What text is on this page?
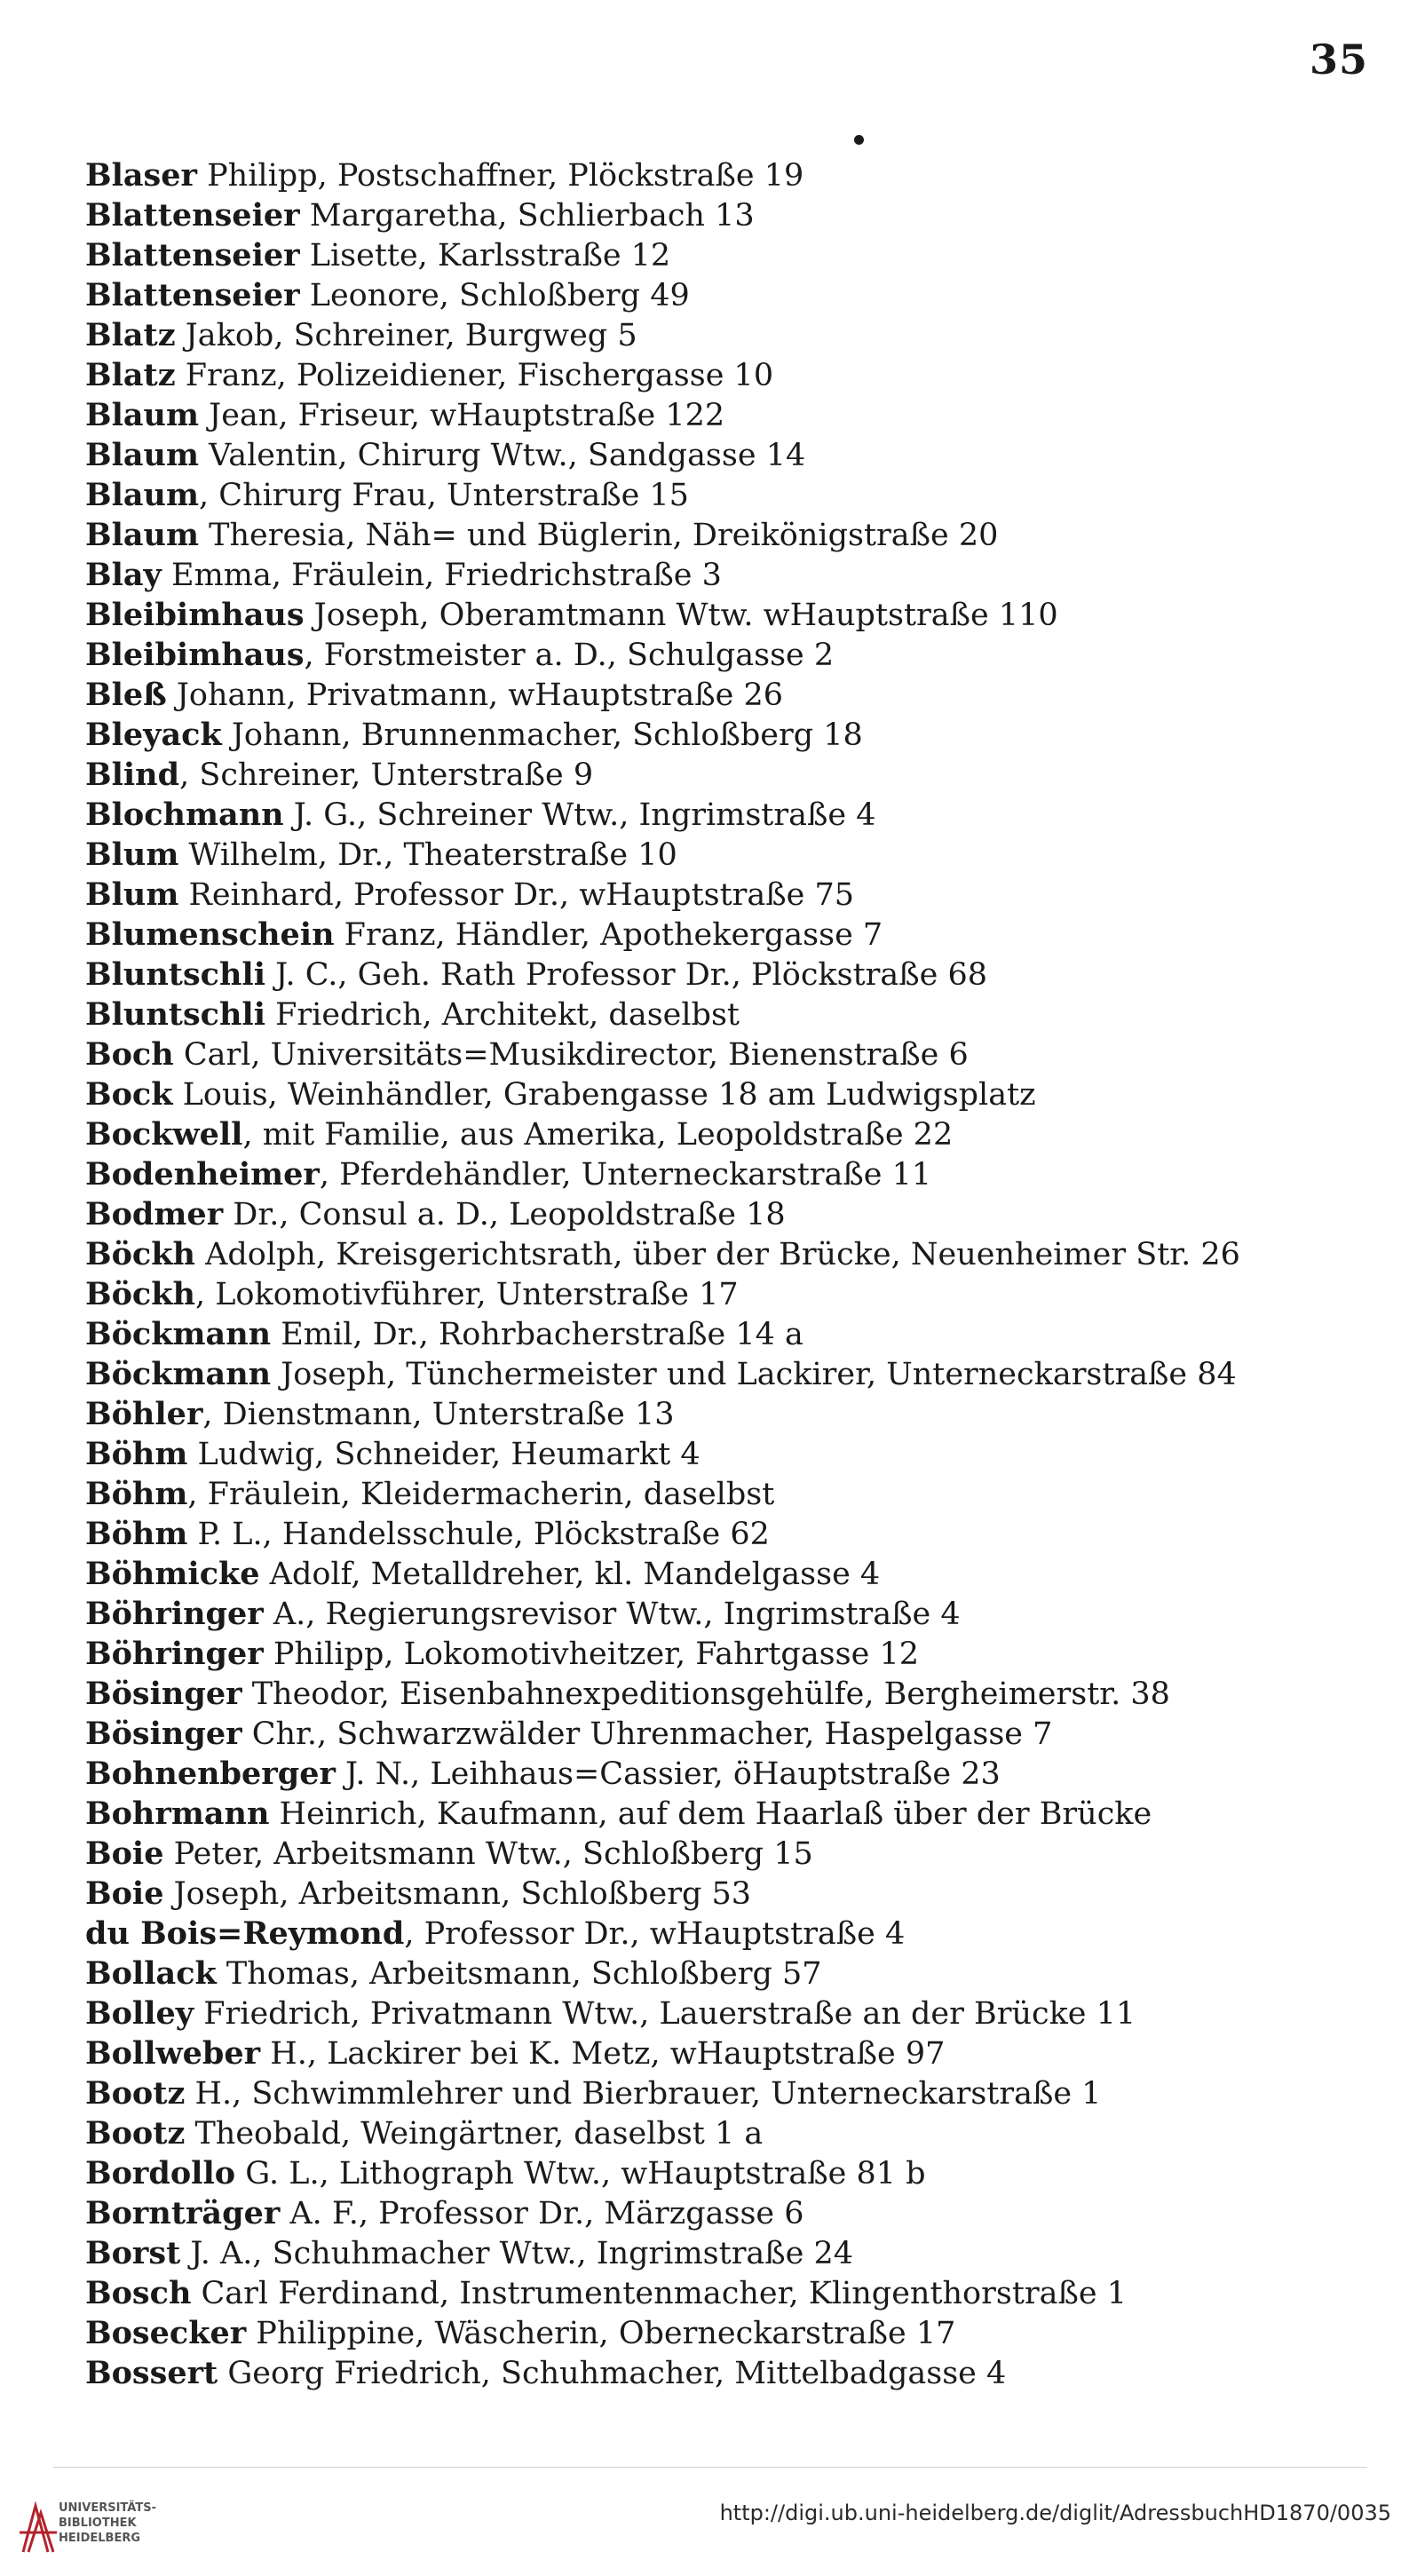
35
Blaser Philipp, Postschaffner, Plöckstraße 19
Blattenseier Margaretha, Schlierbach 13
Blattenseier Lisette, Karlsstraße 12
Blattenseier Leonore, Schloßberg 49
Blatz Jakob, Schreiner, Burgweg 5
Blatz Franz, Polizeidiener, Fischergasse 10
Blaum Jean, Friseur, wHauptstraße 122
Blaum Valentin, Chirurg Wtw., Sandgasse 14
Blaum, Chirurg Frau, Unterstraße 15
Blaum Theresia, Näh= und Büglerin, Dreikönigstraße 20
Blay Emma, Fräulein, Friedrichstraße 3
Bleibimhaus Joseph, Oberamtmann Wtw. wHauptstraße 110
Bleibimhaus, Forstmeister a. D., Schulgasse 2
Bleß Johann, Privatmann, wHauptstraße 26
Bleyack Johann, Brunnenmacher, Schloßberg 18
Blind, Schreiner, Unterstraße 9
Blochmann J. G., Schreiner Wtw., Ingrimstraße 4
Blum Wilhelm, Dr., Theaterstraße 10
Blum Reinhard, Professor Dr., wHauptstraße 75
Blumenschein Franz, Händler, Apothekergasse 7
Bluntschli J. C., Geh. Rath Professor Dr., Plöckstraße 68
Bluntschli Friedrich, Architekt, daselbst
Boch Carl, Universitäts=Musikdirector, Bienenstraße 6
Bock Louis, Weinhändler, Grabengasse 18 am Ludwigsplatz
Bockwell, mit Familie, aus Amerika, Leopoldstraße 22
Bodenheimer, Pferdehändler, Unterneckarstraße 11
Bodmer Dr., Consul a. D., Leopoldstraße 18
Böckh Adolph, Kreisgerichtsrath, über der Brücke, Neuenheimer Str. 26
Böckh, Lokomotivführer, Unterstraße 17
Böckmann Emil, Dr., Rohrbacherstraße 14 a
Böckmann Joseph, Tünchermeister und Lackirer, Unterneckarstraße 84
Böhler, Dienstmann, Unterstraße 13
Böhm Ludwig, Schneider, Heumarkt 4
Böhm, Fräulein, Kleidermacherin, daselbst
Böhm P. L., Handelsschule, Plöckstraße 62
Böhmicke Adolf, Metalldreher, kl. Mandelgasse 4
Böhringer A., Regierungsrevisor Wtw., Ingrimstraße 4
Böhringer Philipp, Lokomotivheitzer, Fahrtgasse 12
Bösinger Theodor, Eisenbahnexpeditionsgehülfe, Bergheimerstr. 38
Bösinger Chr., Schwarzwälder Uhrenmacher, Haspelgasse 7
Bohnenberger J. N., Leihhaus=Cassier, öHauptstraße 23
Bohrmann Heinrich, Kaufmann, auf dem Haarlaß über der Brücke
Boie Peter, Arbeitsmann Wtw., Schloßberg 15
Boie Joseph, Arbeitsmann, Schloßberg 53
du Bois=Reymond, Professor Dr., wHauptstraße 4
Bollack Thomas, Arbeitsmann, Schloßberg 57
Bolley Friedrich, Privatmann Wtw., Lauerstraße an der Brücke 11
Bollweber H., Lackirer bei K. Metz, wHauptstraße 97
Bootz H., Schwimmlehrer und Bierbrauer, Unterneckarstraße 1
Bootz Theobald, Weingärtner, daselbst 1 a
Bordollo G. L., Lithograph Wtw., wHauptstraße 81 b
Bornträger A. F., Professor Dr., Märzgasse 6
Borst J. A., Schuhmacher Wtw., Ingrimstraße 24
Bosch Carl Ferdinand, Instrumentenmacher, Klingenthorstraße 1
Bosecker Philippine, Wäscherin, Oberneckarstraße 17
Bossert Georg Friedrich, Schuhmacher, Mittelbadgasse 4
UNIVERSITÄTS-
BIBLIOTHEK
HEIDELBERG
http://digi.ub.uni-heidelberg.de/diglit/AdressbuchHD1870/0035
